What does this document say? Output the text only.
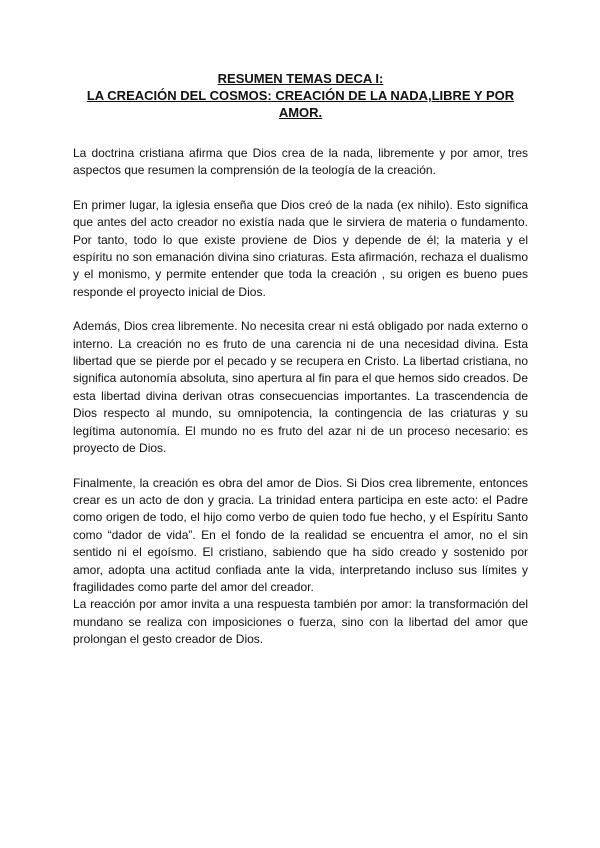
RESUMEN TEMAS DECA I:
LA CREACIÓN DEL COSMOS: CREACIÓN DE LA NADA,LIBRE Y POR AMOR.

La doctrina cristiana afirma que Dios crea de la nada, libremente y por amor, tres aspectos que resumen la comprensión de la teología de la creación.

En primer lugar, la iglesia enseña que Dios creó de la nada (ex nihilo). Esto significa que antes del acto creador no existía nada que le sirviera de materia o fundamento. Por tanto, todo lo que existe proviene de Dios y depende de él; la materia y el espíritu no son emanación divina sino criaturas. Esta afirmación, rechaza el dualismo y el monismo, y permite entender que toda la creación , su origen es bueno pues responde el proyecto inicial de Dios.

Además, Dios crea libremente. No necesita crear ni está obligado por nada externo o interno. La creación no es fruto de una carencia ni de una necesidad divina. Esta libertad que se pierde por el pecado y se recupera en Cristo. La libertad cristiana, no significa autonomía absoluta, sino apertura al fin para el que hemos sido creados. De esta libertad divina derivan otras consecuencias importantes. La trascendencia de Dios respecto al mundo, su omnipotencia, la contingencia de las criaturas y su legítima autonomía. El mundo no es fruto del azar ni de un proceso necesario: es proyecto de Dios.

Finalmente, la creación es obra del amor de Dios. Si Dios crea libremente, entonces crear es un acto de don y gracia. La trinidad entera participa en este acto: el Padre como origen de todo, el hijo como verbo de quien todo fue hecho, y el Espíritu Santo como “dador de vida”. En el fondo de la realidad se encuentra el amor, no el sin sentido ni el egoísmo. El cristiano, sabiendo que ha sido creado y sostenido por amor, adopta una actitud confiada ante la vida, interpretando incluso sus límites y fragilidades como parte del amor del creador.

La reacción por amor invita a una respuesta también por amor: la transformación del mundano se realiza con imposiciones o fuerza, sino con la libertad del amor que prolongan el gesto creador de Dios.
